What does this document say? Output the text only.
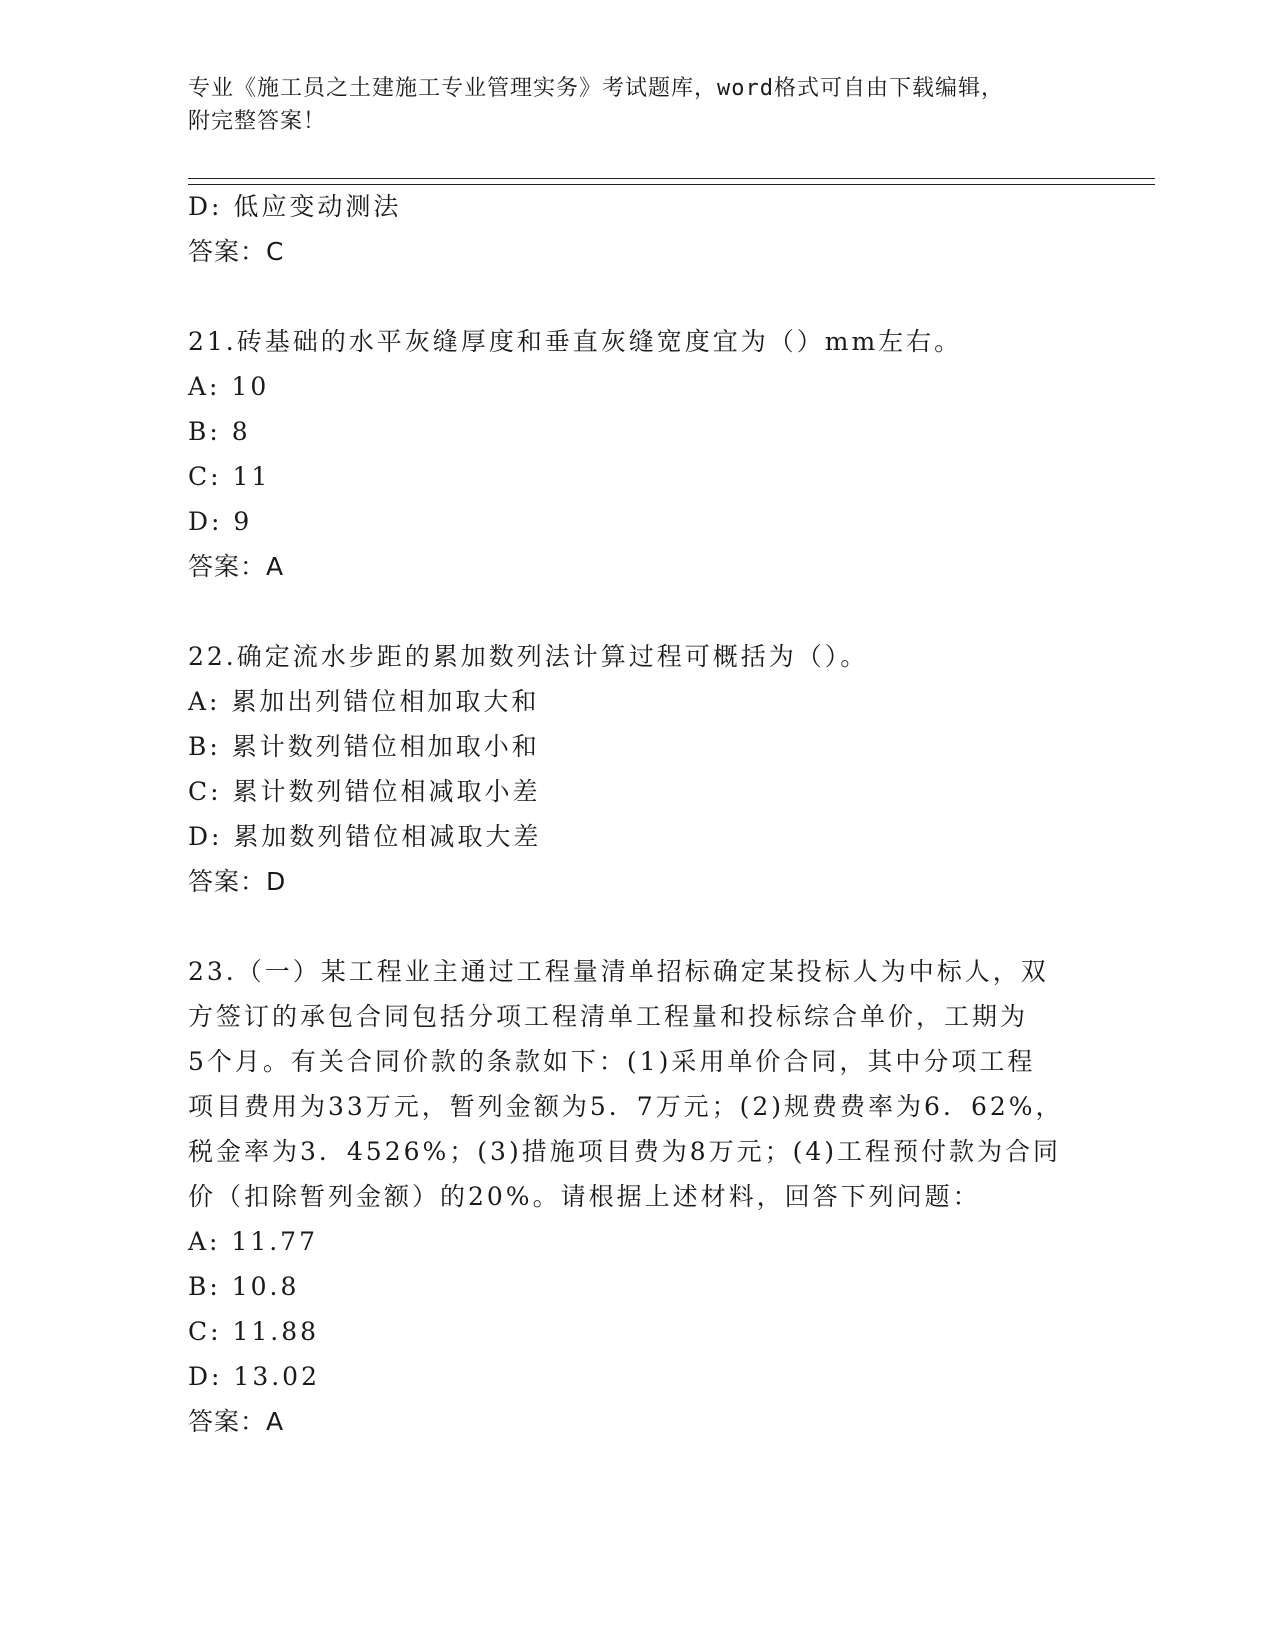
专业《施工员之土建施工专业管理实务》考试题库，word格式可自由下载编辑，
附完整答案！
D: 低应变动测法
答案：C
21.砖基础的水平灰缝厚度和垂直灰缝宽度宜为（）mm左右。
A: 10
B: 8
C: 11
D: 9
答案：A
22.确定流水步距的累加数列法计算过程可概括为（）。
A: 累加出列错位相加取大和
B: 累计数列错位相加取小和
C: 累计数列错位相减取小差
D: 累加数列错位相减取大差
答案：D
23.（一）某工程业主通过工程量清单招标确定某投标人为中标人，双
方签订的承包合同包括分项工程清单工程量和投标综合单价，工期为
5个月。有关合同价款的条款如下：(1)采用单价合同，其中分项工程
项目费用为33万元，暂列金额为5．7万元；(2)规费费率为6．62%，
税金率为3．4526%；(3)措施项目费为8万元；(4)工程预付款为合同
价（扣除暂列金额）的20%。请根据上述材料，回答下列问题：
A: 11.77
B: 10.8
C: 11.88
D: 13.02
答案：A
